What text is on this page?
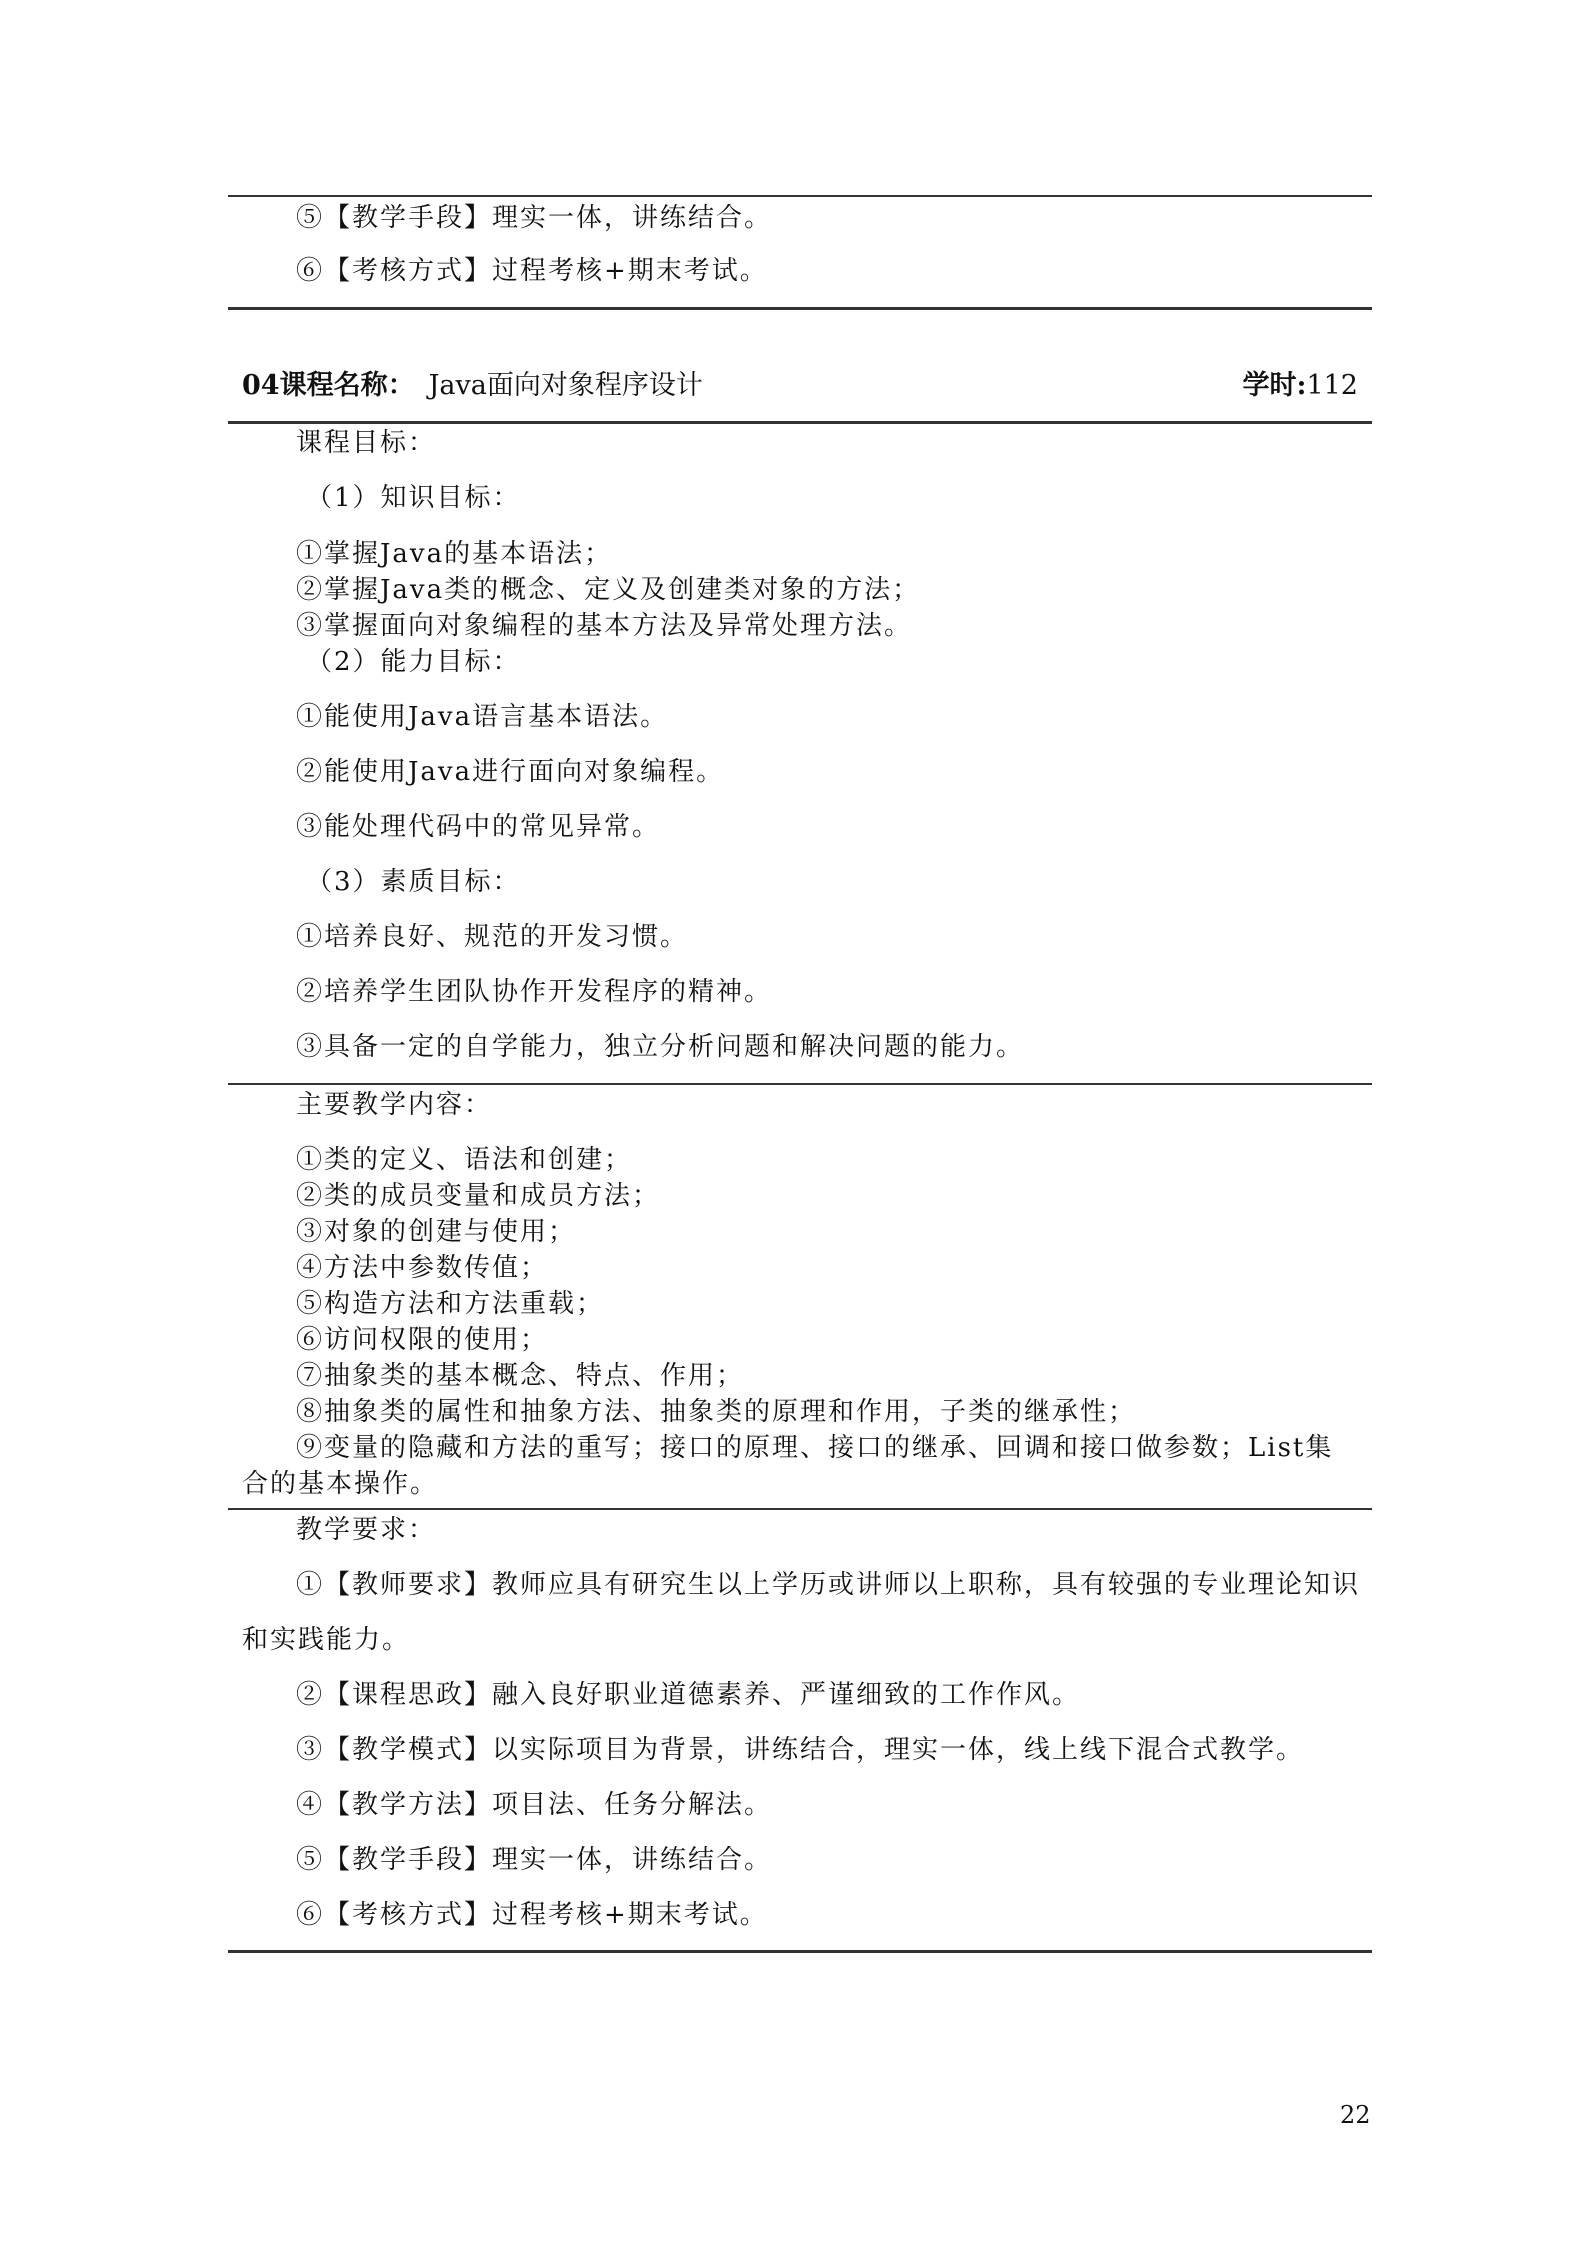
⑤【教学手段】理实一体，讲练结合。
⑥【考核方式】过程考核+期末考试。
04课程名称： Java面向对象程序设计	学时:112
课程目标：
（1）知识目标：
①掌握Java的基本语法；
②掌握Java类的概念、定义及创建类对象的方法；
③掌握面向对象编程的基本方法及异常处理方法。
（2）能力目标：
①能使用Java语言基本语法。
②能使用Java进行面向对象编程。
③能处理代码中的常见异常。
（3）素质目标：
①培养良好、规范的开发习惯。
②培养学生团队协作开发程序的精神。
③具备一定的自学能力，独立分析问题和解决问题的能力。
主要教学内容：
①类的定义、语法和创建；
②类的成员变量和成员方法；
③对象的创建与使用；
④方法中参数传值；
⑤构造方法和方法重载；
⑥访问权限的使用；
⑦抽象类的基本概念、特点、作用；
⑧抽象类的属性和抽象方法、抽象类的原理和作用，子类的继承性；
⑨变量的隐藏和方法的重写；接口的原理、接口的继承、回调和接口做参数；List集
合的基本操作。
教学要求：
①【教师要求】教师应具有研究生以上学历或讲师以上职称，具有较强的专业理论知识
和实践能力。
②【课程思政】融入良好职业道德素养、严谨细致的工作作风。
③【教学模式】以实际项目为背景，讲练结合，理实一体，线上线下混合式教学。
④【教学方法】项目法、任务分解法。
⑤【教学手段】理实一体，讲练结合。
⑥【考核方式】过程考核+期末考试。
22
